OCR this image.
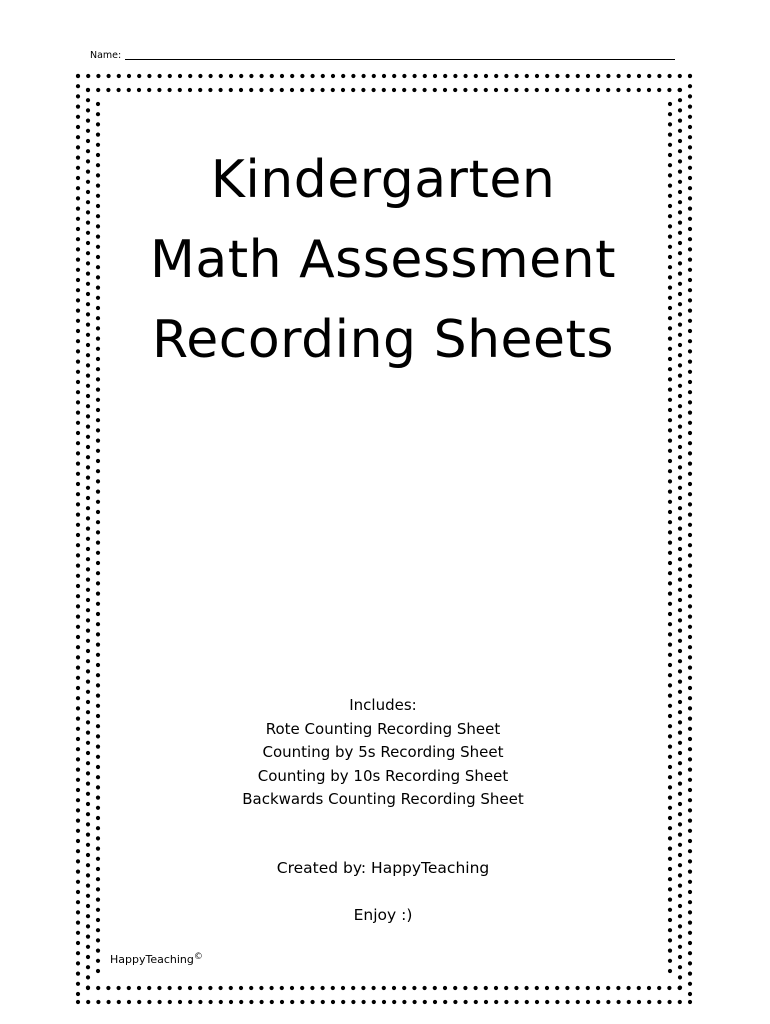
Name:
Kindergarten
Math Assessment
Recording Sheets
Includes:
Rote Counting Recording Sheet
Counting by 5s Recording Sheet
Counting by 10s Recording Sheet
Backwards Counting Recording Sheet
Created by: HappyTeaching
Enjoy :)
HappyTeaching©
